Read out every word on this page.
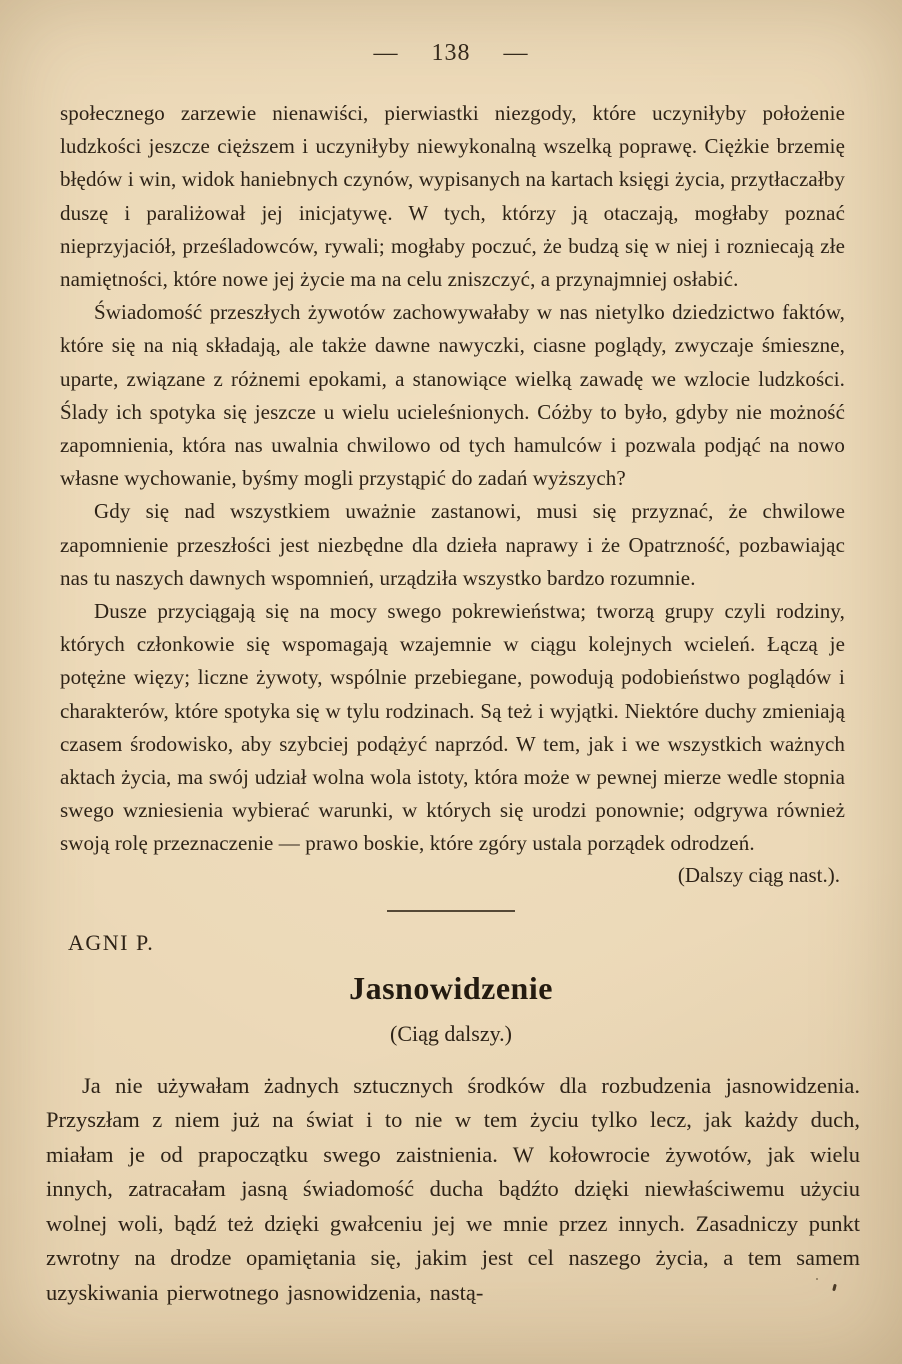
— 138 —

społecznego zarzewie nienawiści, pierwiastki niezgody, które uczyniłyby położenie ludzkości jeszcze cięższem i uczyniłyby niewykonalną wszelką poprawę. Ciężkie brzemię błędów i win, widok haniebnych czynów, wypisanych na kartach księgi życia, przytłaczałby duszę i paraliżował jej inicjatywę. W tych, którzy ją otaczają, mogłaby poznać nieprzyjaciół, prześladowców, rywali; mogłaby poczuć, że budzą się w niej i rozniecają złe namiętności, które nowe jej życie ma na celu zniszczyć, a przynajmniej osłabić.

Świadomość przeszłych żywotów zachowywałaby w nas nietylko dziedzictwo faktów, które się na nią składają, ale także dawne nawyczki, ciasne poglądy, zwyczaje śmieszne, uparte, związane z różnemi epokami, a stanowiące wielką zawadę we wzlocie ludzkości. Ślady ich spotyka się jeszcze u wielu ucieleśnionych. Cóżby to było, gdyby nie możność zapomnienia, która nas uwalnia chwilowo od tych hamulców i pozwala podjąć na nowo własne wychowanie, byśmy mogli przystąpić do zadań wyższych?

Gdy się nad wszystkiem uważnie zastanowi, musi się przyznać, że chwilowe zapomnienie przeszłości jest niezbędne dla dzieła naprawy i że Opatrzność, pozbawiając nas tu naszych dawnych wspomnień, urządziła wszystko bardzo rozumnie.

Dusze przyciągają się na mocy swego pokrewieństwa; tworzą grupy czyli rodziny, których członkowie się wspomagają wzajemnie w ciągu kolejnych wcieleń. Łączą je potężne więzy; liczne żywoty, wspólnie przebiegane, powodują podobieństwo poglądów i charakterów, które spotyka się w tylu rodzinach. Są też i wyjątki. Niektóre duchy zmieniają czasem środowisko, aby szybciej podążyć naprzód. W tem, jak i we wszystkich ważnych aktach życia, ma swój udział wolna wola istoty, która może w pewnej mierze wedle stopnia swego wzniesienia wybierać warunki, w których się urodzi ponownie; odgrywa również swoją rolę przeznaczenie — prawo boskie, które zgóry ustala porządek odrodzeń.

(Dalszy ciąg nast.).
AGNI P.
Jasnowidzenie
(Ciąg dalszy.)

Ja nie używałam żadnych sztucznych środków dla rozbudzenia jasnowidzenia. Przyszłam z niem już na świat i to nie w tem życiu tylko lecz, jak każdy duch, miałam je od prapoczątku swego zaistnienia. W kołowrocie żywotów, jak wielu innych, zatracałam jasną świadomość ducha bądźto dzięki niewłaściwemu użyciu wolnej woli, bądź też dzięki gwałceniu jej we mnie przez innych. Zasadniczy punkt zwrotny na drodze opamiętania się, jakim jest cel naszego życia, a tem samem uzyskiwania pierwotnego jasnowidzenia, nastą-
